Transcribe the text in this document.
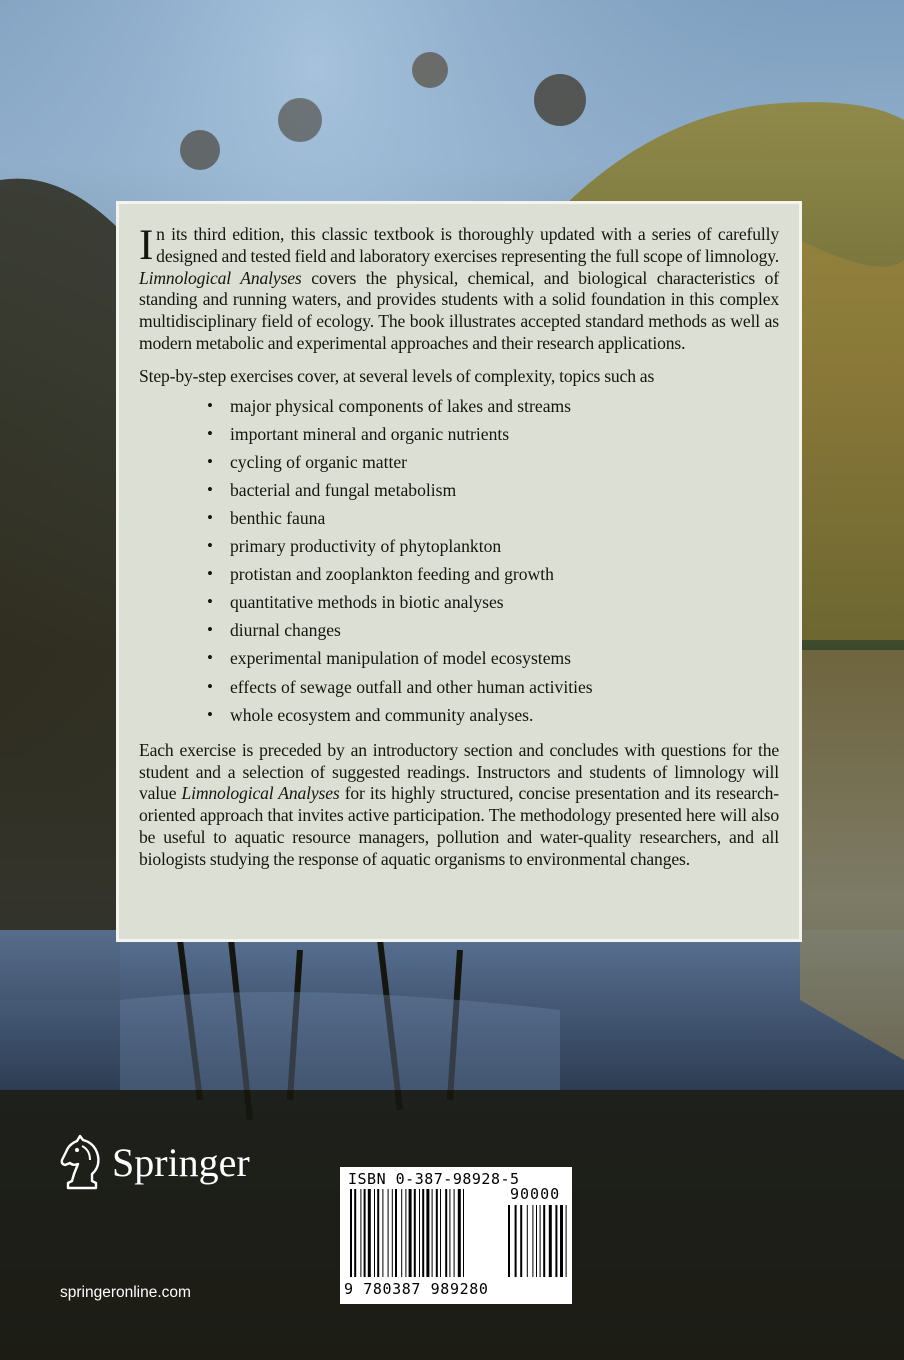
In its third edition, this classic textbook is thoroughly updated with a series of carefully designed and tested field and laboratory exercises representing the full scope of limnology. Limnological Analyses covers the physical, chemical, and biological characteristics of standing and running waters, and provides students with a solid foundation in this complex multidisciplinary field of ecology. The book illustrates accepted standard methods as well as modern metabolic and experimental approaches and their research applications.

Step-by-step exercises cover, at several levels of complexity, topics such as

• major physical components of lakes and streams
• important mineral and organic nutrients
• cycling of organic matter
• bacterial and fungal metabolism
• benthic fauna
• primary productivity of phytoplankton
• protistan and zooplankton feeding and growth
• quantitative methods in biotic analyses
• diurnal changes
• experimental manipulation of model ecosystems
• effects of sewage outfall and other human activities
• whole ecosystem and community analyses.

Each exercise is preceded by an introductory section and concludes with questions for the student and a selection of suggested readings. Instructors and students of limnology will value Limnological Analyses for its highly structured, concise presentation and its research-oriented approach that invites active participation. The methodology presented here will also be useful to aquatic resource managers, pollution and water-quality researchers, and all biologists studying the response of aquatic organisms to environmental changes.

Springer
springeronline.com
ISBN 0-387-98928-5
90000
9 780387 989280
